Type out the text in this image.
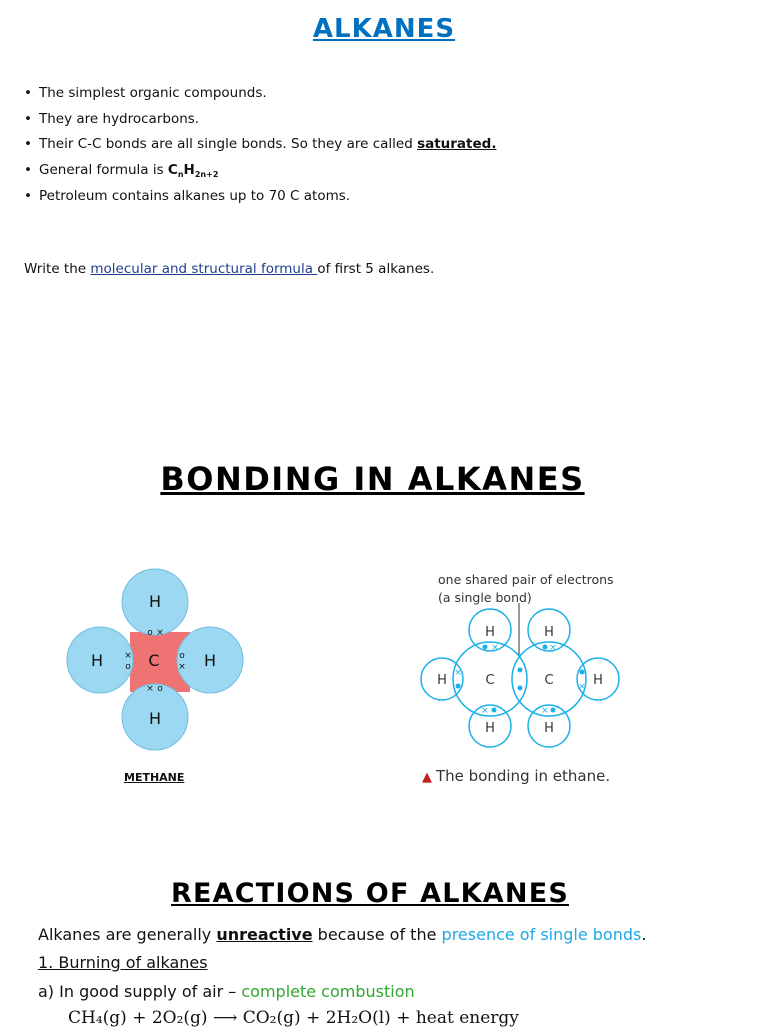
ALKANES
• The simplest organic compounds.
• They are hydrocarbons.
• Their C-C bonds are all single bonds. So they are called saturated.
• General formula is $C_nH_{2n+2}$
• Petroleum contains alkanes up to 70 C atoms.
Write the molecular and structural formula of first 5 alkanes.
BONDING IN ALKANES
H
H
H	H
C
o ×
× o
×
o
o
×
METHANE
one shared pair of electrons
(a single bond)
H	H
H	C	C	H
H	H
×	×
×
×
×	×
▲ The bonding in ethane.
REACTIONS OF ALKANES
Alkanes are generally unreactive because of the presence of single bonds.
1. Burning of alkanes
a) In good supply of air – complete combustion
CH₄(g) + 2O₂(g) ⟶ CO₂(g) + 2H₂O(l) + heat energy
